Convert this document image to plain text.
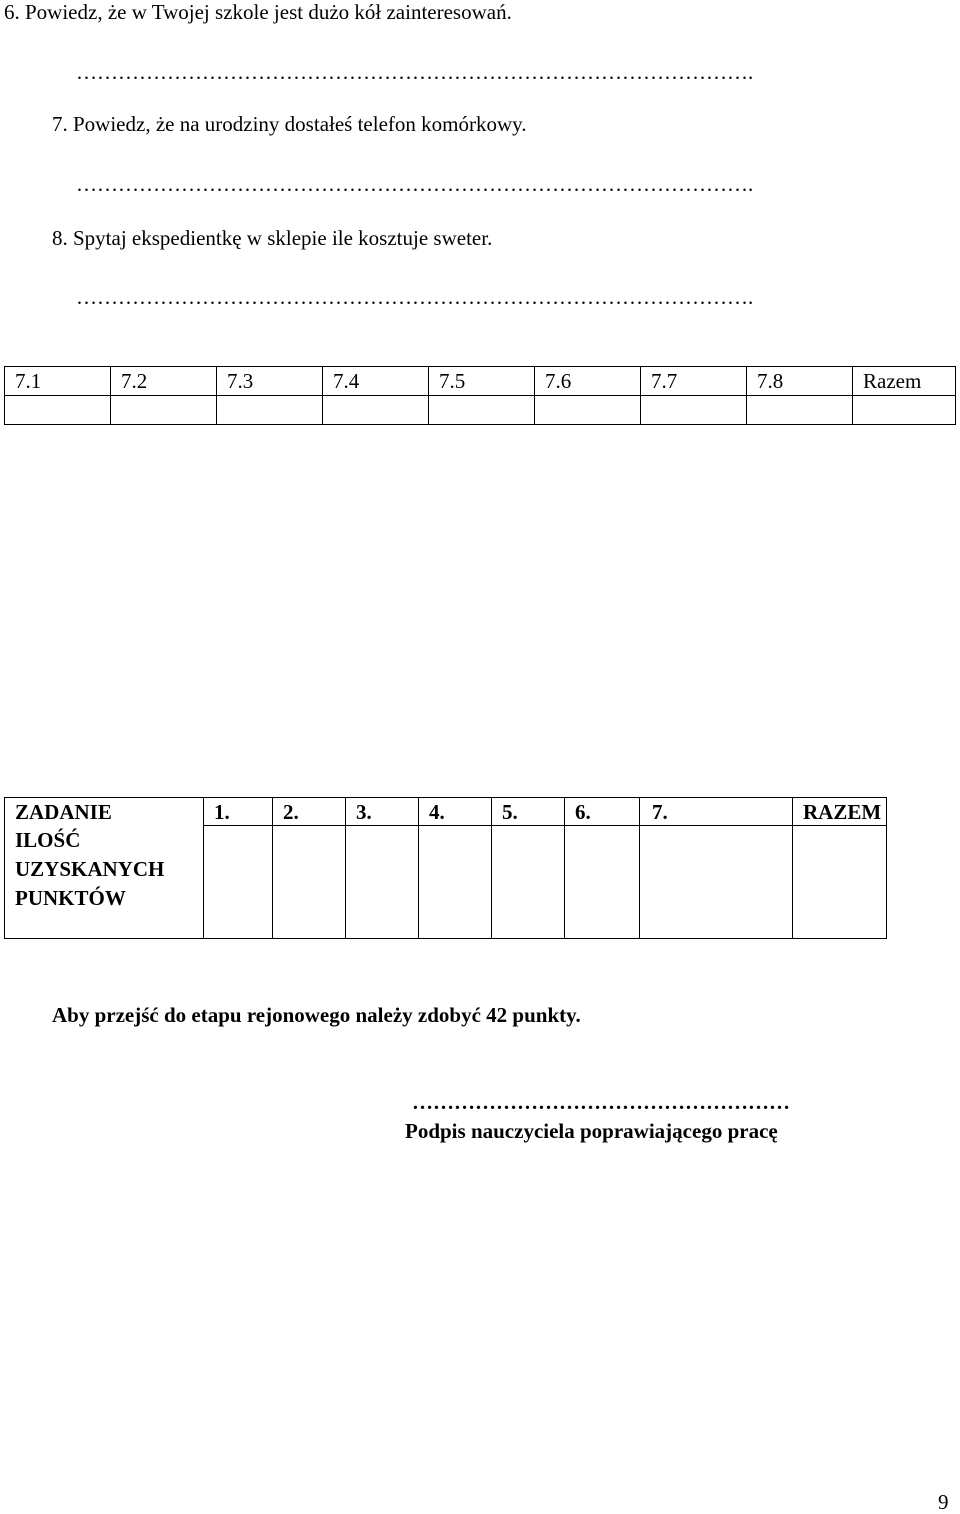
6. Powiedz, że w Twojej szkole jest dużo kół zainteresowań.
…………………………………………………………………………………….
7. Powiedz, że na urodziny dostałeś telefon komórkowy.
…………………………………………………………………………………….
8. Spytaj ekspedientkę w sklepie ile kosztuje sweter.
…………………………………………………………………………………….
7.1	7.2	7.3	7.4	7.5	7.6	7.7	7.8	Razem

ZADANIE	1.	2.	3.	4.	5.	6.	7.	RAZEM

ILOŚĆ
UZYSKANYCH
PUNKTÓW								

Aby przejść do etapu rejonowego należy zdobyć 42 punkty.
………………………………………………
Podpis nauczyciela poprawiającego pracę
9
